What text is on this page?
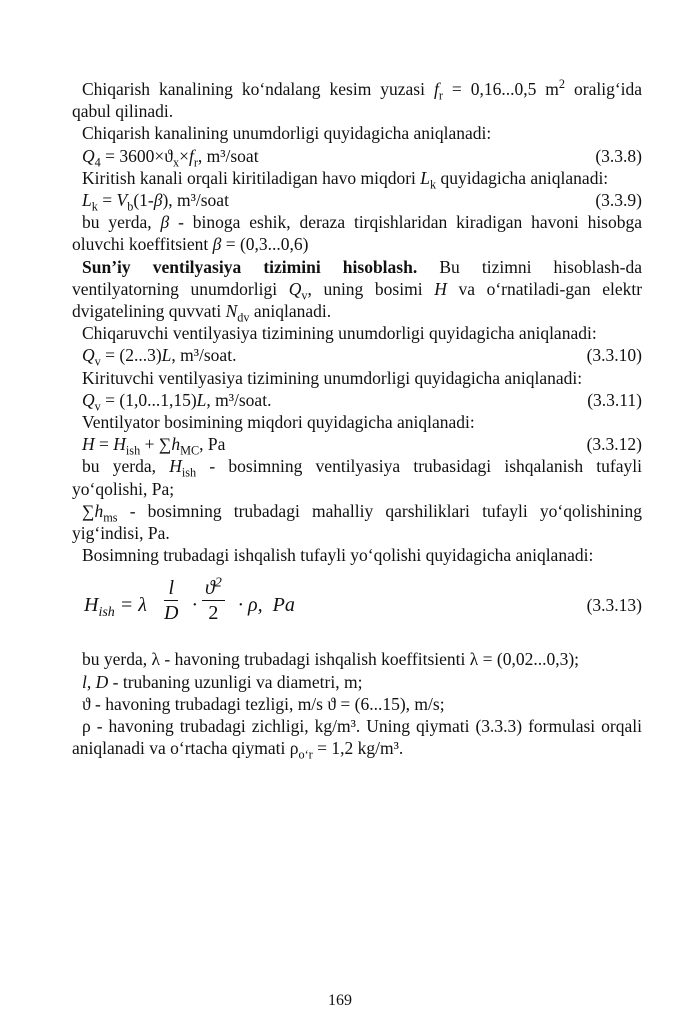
Chiqarish kanalining ko‘ndalang kesim yuzasi $f_r = 0,16...0,5$ $m^2$ oralig‘ida qabul qilinadi.

Chiqarish kanalining unumdorligi quyidagicha aniqlanadi:

$Q_4 = 3600\times ϑ_x\times f_r$, m³/soat	(3.3.8)

Kiritish kanali orqali kiritiladigan havo miqdori $L_k$ quyidagicha aniqlanadi:

$L_k = V_b(1-\beta)$, m³/soat	(3.3.9)

bu yerda, β - binoga eshik, deraza tirqishlaridan kiradigan havoni hisobga oluvchi koeffitsient β = (0,3...0,6)

Sun’iy ventilyasiya tizimini hisoblash. Bu tizimni hisoblash-da ventilyatorning unumdorligi $Q_v$, uning bosimi H va o‘rnatiladi-gan elektr dvigatelining quvvati $N_{dv}$ aniqlanadi.

Chiqaruvchi ventilyasiya tizimining unumdorligi quyidagicha aniqlanadi:

$Q_v = (2...3)L$, m³/soat.	(3.3.10)

Kirituvchi ventilyasiya tizimining unumdorligi quyidagicha aniqlanadi:

$Q_v = (1,0...1,15)L$, m³/soat.	(3.3.11)

Ventilyator bosimining miqdori quyidagicha aniqlanadi:

$H = H_{ish} + \sum h_{MC}$, Pa	(3.3.12)

bu yerda, $H_{ish}$ - bosimning ventilyasiya trubasidagi ishqalanish tufayli yo‘qolishi, Pa;

$\sum h_{ms}$ - bosimning trubadagi mahalliy qarshiliklari tufayli yo‘qolishining yig‘indisi, Pa.

Bosimning trubadagi ishqalish tufayli yo‘qolishi quyidagicha aniqlanadi:

$H_{ish} = \lambda \frac{l}{D} \cdot \frac{ϑ^2}{2} \cdot \rho$,  Pa	(3.3.13)

bu yerda, λ - havoning trubadagi ishqalish koeffitsienti λ = (0,02...0,3);

l, D - trubaning uzunligi va diametri, m;

ϑ - havoning trubadagi tezligi, m/s ϑ = (6...15), m/s;

ρ - havoning trubadagi zichligi, kg/m³. Uning qiymati (3.3.3) formulasi orqali aniqlanadi va o‘rtacha qiymati $\rho_{o‘r} = 1,2$ kg/m³.

169
